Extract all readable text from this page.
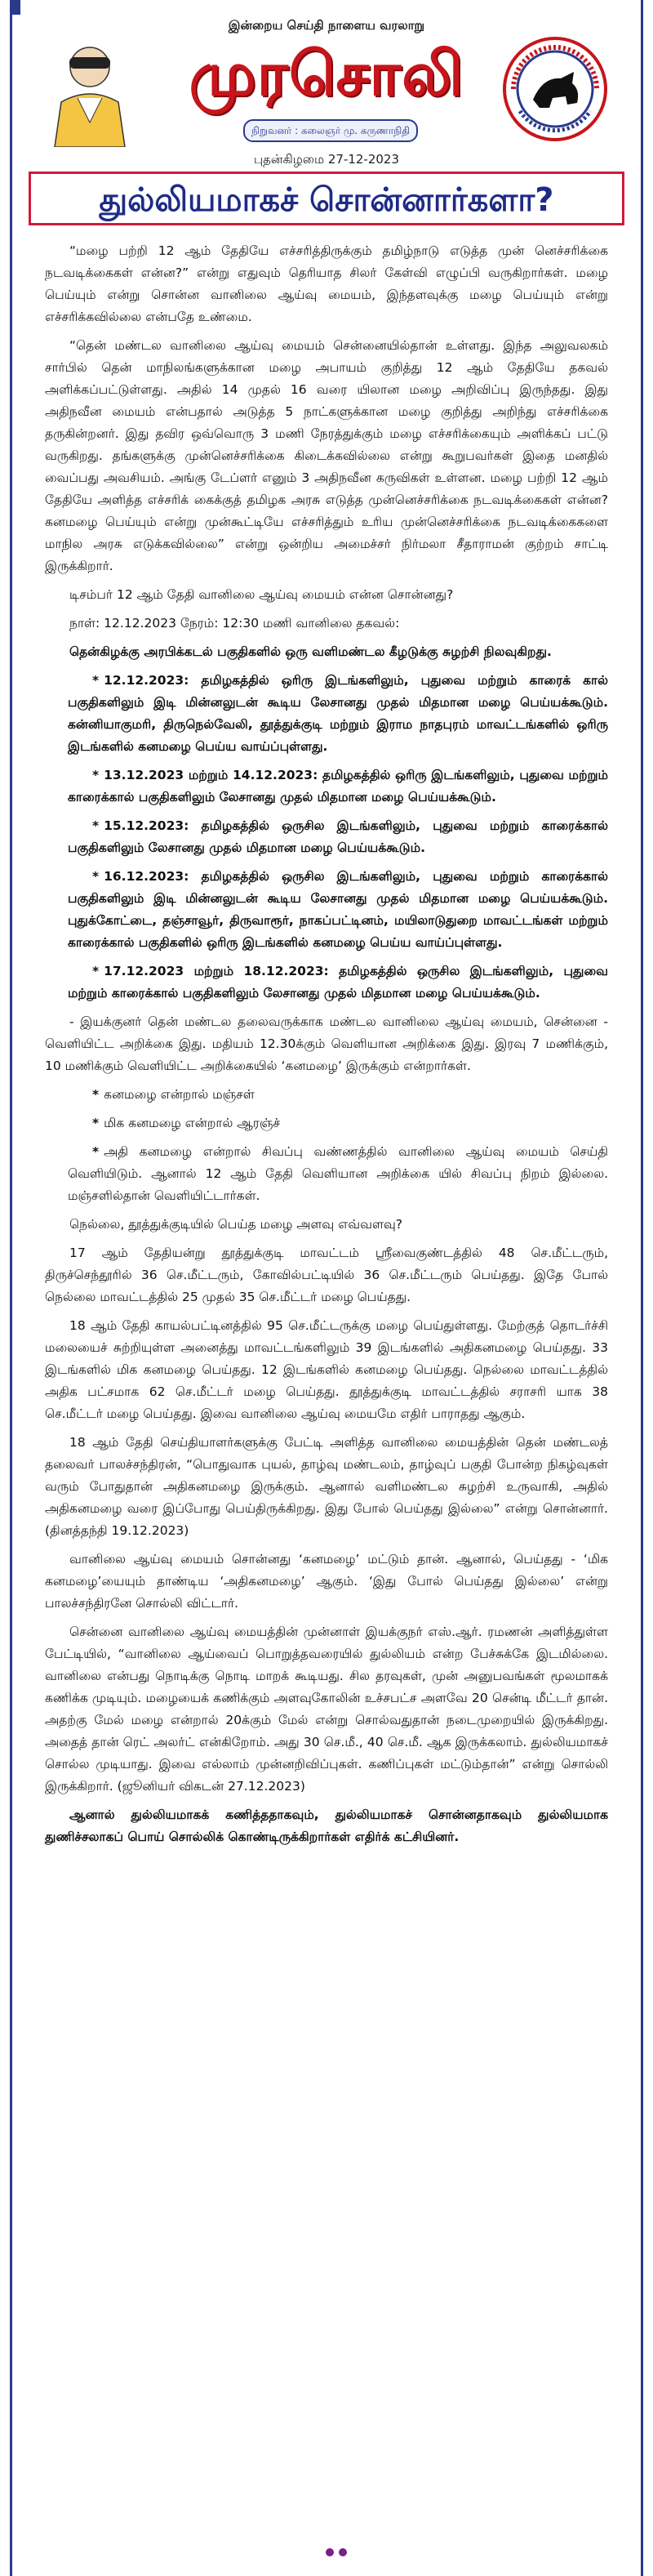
இன்றைய செய்தி நாளைய வரலாறு
முரசொலி
நிறுவனர் : கலைஞர் மு. கருணாநிதி
புதன்கிழமை 27-12-2023
துல்லியமாகச் சொன்னார்களா?

“மழை பற்றி 12 ஆம் தேதியே எச்சரித்திருக்கும் தமிழ்நாடு எடுத்த முன் னெச்சரிக்கை நடவடிக்கைகள் என்ன?” என்று எதுவும் தெரியாத சிலர் கேள்வி எழுப்பி வருகிறார்கள். மழை பெய்யும் என்று சொன்ன வானிலை ஆய்வு மையம், இந்தளவுக்கு மழை பெய்யும் என்று எச்சரிக்கவில்லை என்பதே உண்மை.

“தென் மண்டல வானிலை ஆய்வு மையம் சென்னையில்தான் உள்ளது. இந்த அலுவலகம் சார்பில் தென் மாநிலங்களுக்கான மழை அபாயம் குறித்து 12 ஆம் தேதியே தகவல் அளிக்கப்பட்டுள்ளது. அதில் 14 முதல் 16 வரை யிலான மழை அறிவிப்பு இருந்தது. இது அதிநவீன மையம் என்பதால் அடுத்த 5 நாட்களுக்கான மழை குறித்து அறிந்து எச்சரிக்கை தருகின்றனர். இது தவிர ஒவ்வொரு 3 மணி நேரத்துக்கும் மழை எச்சரிக்கையும் அளிக்கப் பட்டு வருகிறது. தங்களுக்கு முன்னெச்சரிக்கை கிடைக்கவில்லை என்று கூறுபவர்கள் இதை மனதில் வைப்பது அவசியம். அங்கு டேப்ளர் எனும் 3 அதிநவீன கருவிகள் உள்ளன. மழை பற்றி 12 ஆம் தேதியே அளித்த எச்சரிக் கைக்குத் தமிழக அரசு எடுத்த முன்னெச்சரிக்கை நடவடிக்கைகள் என்ன? கனமழை பெய்யும் என்று முன்கூட்டியே எச்சரித்தும் உரிய முன்னெச்சரிக்கை நடவடிக்கைகளை மாநில அரசு எடுக்கவில்லை” என்று ஒன்றிய அமைச்சர் நிர்மலா சீதாராமன் குற்றம் சாட்டி இருக்கிறார்.

டிசம்பர் 12 ஆம் தேதி வானிலை ஆய்வு மையம் என்ன சொன்னது?

நாள்: 12.12.2023 நேரம்: 12:30 மணி வானிலை தகவல்:

தென்கிழக்கு அரபிக்கடல் பகுதிகளில் ஒரு வளிமண்டல கீழடுக்கு சுழற்சி நிலவுகிறது.

* 12.12.2023: தமிழகத்தில் ஒரிரு இடங்களிலும், புதுவை மற்றும் காரைக் கால் பகுதிகளிலும் இடி மின்னலுடன் கூடிய லேசானது முதல் மிதமான மழை பெய்யக்கூடும். கன்னியாகுமரி, திருநெல்வேலி, தூத்துக்குடி மற்றும் இராம நாதபுரம் மாவட்டங்களில் ஒரிரு இடங்களில் கனமழை பெய்ய வாய்ப்புள்ளது.

* 13.12.2023 மற்றும் 14.12.2023: தமிழகத்தில் ஒரிரு இடங்களிலும், புதுவை மற்றும் காரைக்கால் பகுதிகளிலும் லேசானது முதல் மிதமான மழை பெய்யக்கூடும்.

* 15.12.2023: தமிழகத்தில் ஒருசில இடங்களிலும், புதுவை மற்றும் காரைக்கால் பகுதிகளிலும் லேசானது முதல் மிதமான மழை பெய்யக்கூடும்.

* 16.12.2023: தமிழகத்தில் ஒருசில இடங்களிலும், புதுவை மற்றும் காரைக்கால் பகுதிகளிலும் இடி மின்னலுடன் கூடிய லேசானது முதல் மிதமான மழை பெய்யக்கூடும். புதுக்கோட்டை, தஞ்சாவூர், திருவாரூர், நாகப்பட்டினம், மயிலாடுதுறை மாவட்டங்கள் மற்றும் காரைக்கால் பகுதிகளில் ஒரிரு இடங்களில் கனமழை பெய்ய வாய்ப்புள்ளது.

* 17.12.2023 மற்றும் 18.12.2023: தமிழகத்தில் ஒருசில இடங்களிலும், புதுவை மற்றும் காரைக்கால் பகுதிகளிலும் லேசானது முதல் மிதமான மழை பெய்யக்கூடும்.

- இயக்குனர் தென் மண்டல தலைவருக்காக மண்டல வானிலை ஆய்வு மையம், சென்னை - வெளியிட்ட அறிக்கை இது. மதியம் 12.30க்கும் வெளியான அறிக்கை இது. இரவு 7 மணிக்கும், 10 மணிக்கும் வெளியிட்ட அறிக்கையில் ‘கனமழை’ இருக்கும் என்றார்கள்.

* கனமழை என்றால் மஞ்சள்

* மிக கனமழை என்றால் ஆரஞ்ச்

* அதி கனமழை என்றால் சிவப்பு வண்ணத்தில் வானிலை ஆய்வு மையம் செய்தி வெளியிடும். ஆனால் 12 ஆம் தேதி வெளியான அறிக்கை யில் சிவப்பு நிறம் இல்லை. மஞ்சளில்தான் வெளியிட்டார்கள்.

நெல்லை, தூத்துக்குடியில் பெய்த மழை அளவு எவ்வளவு?

17 ஆம் தேதியன்று தூத்துக்குடி மாவட்டம் ஸ்ரீவைகுண்டத்தில் 48 செ.மீட்டரும், திருச்செந்தூரில் 36 செ.மீட்டரும், கோவில்பட்டியில் 36 செ.மீட்டரும் பெய்தது. இதே போல் நெல்லை மாவட்டத்தில் 25 முதல் 35 செ.மீட்டர் மழை பெய்தது.

18 ஆம் தேதி காயல்பட்டினத்தில் 95 செ.மீட்டருக்கு மழை பெய்துள்ளது. மேற்குத் தொடர்ச்சி மலையைச் சுற்றியுள்ள அனைத்து மாவட்டங்களிலும் 39 இடங்களில் அதிகனமழை பெய்தது. 33 இடங்களில் மிக கனமழை பெய்தது. 12 இடங்களில் கனமழை பெய்தது. நெல்லை மாவட்டத்தில் அதிக பட்சமாக 62 செ.மீட்டர் மழை பெய்தது. தூத்துக்குடி மாவட்டத்தில் சராசரி யாக 38 செ.மீட்டர் மழை பெய்தது. இவை வானிலை ஆய்வு மையமே எதிர் பாராதது ஆகும்.

18 ஆம் தேதி செய்தியாளர்களுக்கு பேட்டி அளித்த வானிலை மையத்தின் தென் மண்டலத் தலைவர் பாலச்சந்திரன், “பொதுவாக புயல், தாழ்வு மண்டலம், தாழ்வுப் பகுதி போன்ற நிகழ்வுகள் வரும் போதுதான் அதிகனமழை இருக்கும். ஆனால் வளிமண்டல சுழற்சி உருவாகி, அதில் அதிகனமழை வரை இப்போது பெய்திருக்கிறது. இது போல் பெய்தது இல்லை” என்று சொன்னார். (தினத்தந்தி 19.12.2023)

வானிலை ஆய்வு மையம் சொன்னது ‘கனமழை’ மட்டும் தான். ஆனால், பெய்தது - ‘மிக கனமழை’யையும் தாண்டிய ‘அதிகனமழை’ ஆகும். ‘இது போல் பெய்தது இல்லை’ என்று பாலச்சந்திரனே சொல்லி விட்டார்.

சென்னை வானிலை ஆய்வு மையத்தின் முன்னாள் இயக்குநர் எஸ்.ஆர். ரமணன் அளித்துள்ள பேட்டியில், “வானிலை ஆய்வைப் பொறுத்தவரையில் துல்லியம் என்ற பேச்சுக்கே இடமில்லை. வானிலை என்பது நொடிக்கு நொடி மாறக் கூடியது. சில தரவுகள், முன் அனுபவங்கள் மூலமாகக் கணிக்க முடியும். மழையைக் கணிக்கும் அளவுகோலின் உச்சபட்ச அளவே 20 சென்டி மீட்டர் தான். அதற்கு மேல் மழை என்றால் 20க்கும் மேல் என்று சொல்வதுதான் நடைமுறையில் இருக்கிறது. அதைத் தான் ரெட் அலர்ட் என்கிறோம். அது 30 செ.மீ., 40 செ.மீ. ஆக இருக்கலாம். துல்லியமாகச் சொல்ல முடியாது. இவை எல்லாம் முன்னறிவிப்புகள். கணிப்புகள் மட்டும்தான்” என்று சொல்லி இருக்கிறார். (ஜூனியர் விகடன் 27.12.2023)

ஆனால் துல்லியமாகக் கணித்ததாகவும், துல்லியமாகச் சொன்னதாகவும் துல்லியமாக துணிச்சலாகப் பொய் சொல்லிக் கொண்டிருக்கிறார்கள் எதிர்க் கட்சியினர்.
